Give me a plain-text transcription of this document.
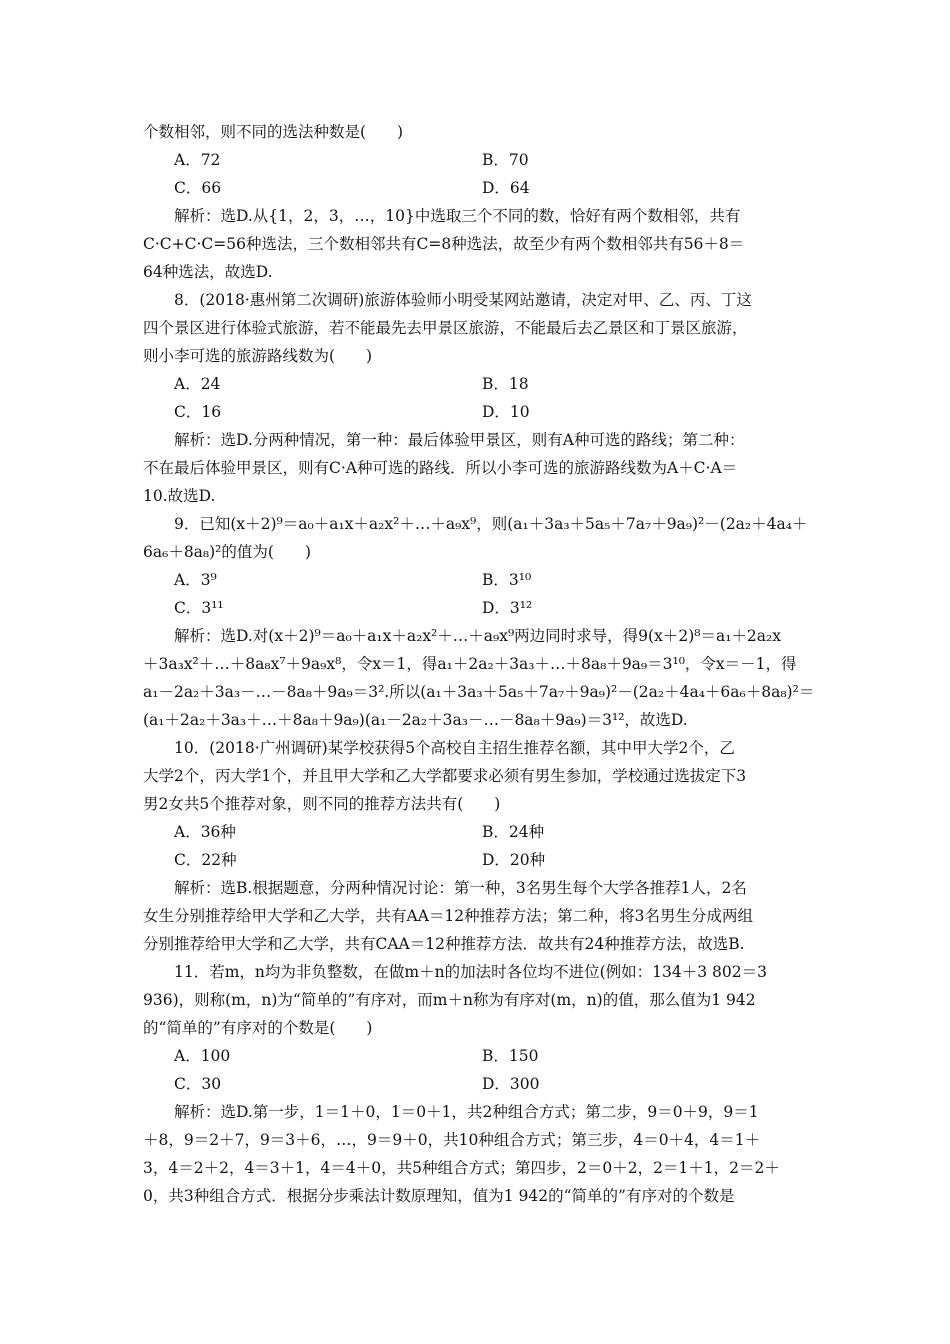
个数相邻，则不同的选法种数是(　　)
A．72	B．70
C．66	D．64
解析：选D.从{1，2，3，…，10}中选取三个不同的数，恰好有两个数相邻，共有
C·C+C·C=56种选法，三个数相邻共有C=8种选法，故至少有两个数相邻共有56＋8＝
64种选法，故选D.
8．(2018·惠州第二次调研)旅游体验师小明受某网站邀请，决定对甲、乙、丙、丁这
四个景区进行体验式旅游，若不能最先去甲景区旅游，不能最后去乙景区和丁景区旅游，
则小李可选的旅游路线数为(　　)
A．24	B．18
C．16	D．10
解析：选D.分两种情况，第一种：最后体验甲景区，则有A种可选的路线；第二种：
不在最后体验甲景区，则有C·A种可选的路线．所以小李可选的旅游路线数为A＋C·A＝
10.故选D.
9．已知(x＋2)⁹＝a₀＋a₁x＋a₂x²＋…＋a₉x⁹，则(a₁＋3a₃＋5a₅＋7a₇＋9a₉)²－(2a₂＋4a₄＋
6a₆＋8a₈)²的值为(　　)
A．3⁹	B．3¹⁰
C．3¹¹	D．3¹²
解析：选D.对(x＋2)⁹＝a₀＋a₁x＋a₂x²＋…＋a₉x⁹两边同时求导，得9(x＋2)⁸＝a₁＋2a₂x
＋3a₃x²＋…＋8a₈x⁷＋9a₉x⁸，令x＝1，得a₁＋2a₂＋3a₃＋…＋8a₈＋9a₉＝3¹⁰，令x＝－1，得
a₁－2a₂＋3a₃－…－8a₈＋9a₉＝3².所以(a₁＋3a₃＋5a₅＋7a₇＋9a₉)²－(2a₂＋4a₄＋6a₆＋8a₈)²＝
(a₁＋2a₂＋3a₃＋…＋8a₈＋9a₉)(a₁－2a₂＋3a₃－…－8a₈＋9a₉)＝3¹²，故选D.
10．(2018·广州调研)某学校获得5个高校自主招生推荐名额，其中甲大学2个，乙
大学2个，丙大学1个，并且甲大学和乙大学都要求必须有男生参加，学校通过选拔定下3
男2女共5个推荐对象，则不同的推荐方法共有(　　)
A．36种	B．24种
C．22种	D．20种
解析：选B.根据题意，分两种情况讨论：第一种，3名男生每个大学各推荐1人，2名
女生分别推荐给甲大学和乙大学，共有AA＝12种推荐方法；第二种，将3名男生分成两组
分别推荐给甲大学和乙大学，共有CAA＝12种推荐方法．故共有24种推荐方法，故选B.
11．若m，n均为非负整数，在做m＋n的加法时各位均不进位(例如：134＋3 802＝3
936)，则称(m，n)为“简单的”有序对，而m＋n称为有序对(m，n)的值，那么值为1 942
的“简单的”有序对的个数是(　　)
A．100	B．150
C．30	D．300
解析：选D.第一步，1＝1＋0，1＝0＋1，共2种组合方式；第二步，9＝0＋9，9＝1
＋8，9＝2＋7，9＝3＋6，…，9＝9＋0，共10种组合方式；第三步，4＝0＋4，4＝1＋
3，4＝2＋2，4＝3＋1，4＝4＋0，共5种组合方式；第四步，2＝0＋2，2＝1＋1，2＝2＋
0，共3种组合方式．根据分步乘法计数原理知，值为1 942的“简单的”有序对的个数是
